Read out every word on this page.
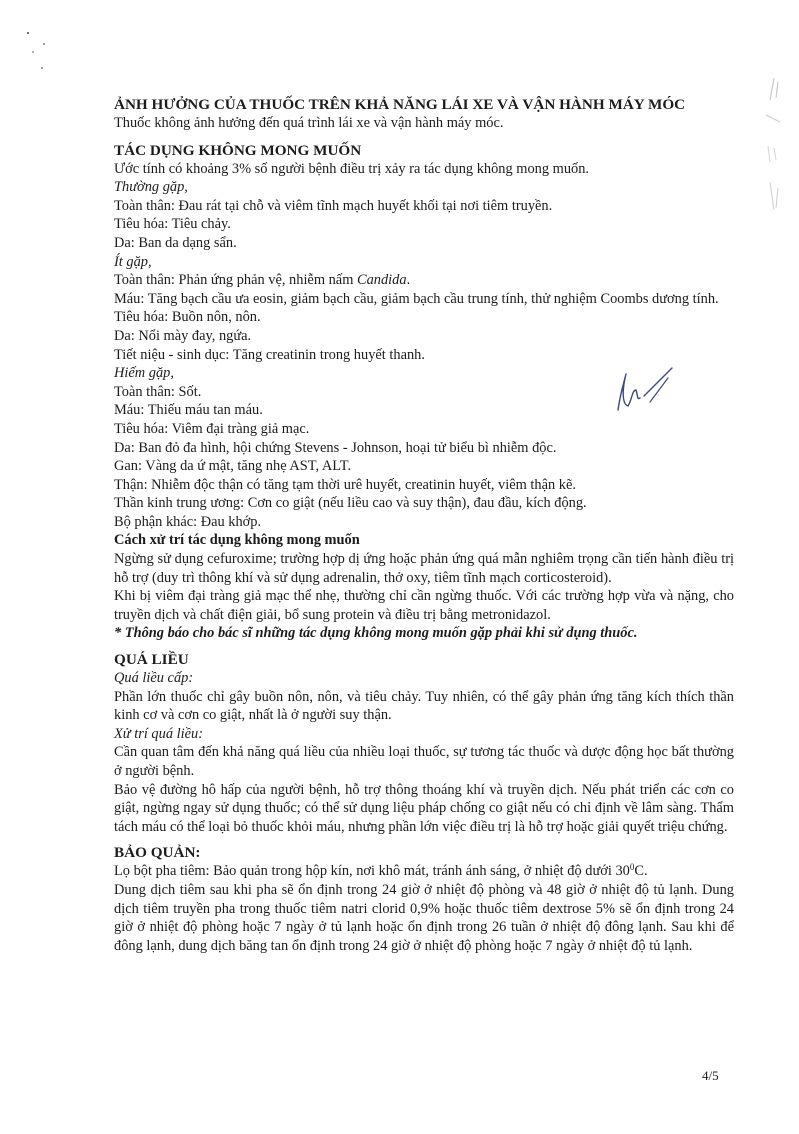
ẢNH HƯỞNG CỦA THUỐC TRÊN KHẢ NĂNG LÁI XE VÀ VẬN HÀNH MÁY MÓC

Thuốc không ảnh hưởng đến quá trình lái xe và vận hành máy móc.

TÁC DỤNG KHÔNG MONG MUỐN

Ước tính có khoảng 3% số người bệnh điều trị xảy ra tác dụng không mong muốn.

Thường gặp,

Toàn thân: Đau rát tại chỗ và viêm tĩnh mạch huyết khối tại nơi tiêm truyền.

Tiêu hóa: Tiêu chảy.

Da: Ban da dạng sẩn.

Ít gặp,

Toàn thân: Phản ứng phản vệ, nhiễm nấm Candida.

Máu: Tăng bạch cầu ưa eosin, giảm bạch cầu, giảm bạch cầu trung tính, thử nghiệm Coombs dương tính.

Tiêu hóa: Buồn nôn, nôn.

Da: Nổi mày đay, ngứa.

Tiết niệu - sinh dục: Tăng creatinin trong huyết thanh.

Hiếm gặp,

Toàn thân: Sốt.

Máu: Thiếu máu tan máu.

Tiêu hóa: Viêm đại tràng giả mạc.

Da: Ban đỏ đa hình, hội chứng Stevens - Johnson, hoại tử biểu bì nhiễm độc.

Gan: Vàng da ứ mật, tăng nhẹ AST, ALT.

Thận: Nhiễm độc thận có tăng tạm thời urê huyết, creatinin huyết, viêm thận kẽ.

Thần kinh trung ương: Cơn co giật (nếu liều cao và suy thận), đau đầu, kích động.

Bộ phận khác: Đau khớp.

Cách xử trí tác dụng không mong muốn

Ngừng sử dụng cefuroxime; trường hợp dị ứng hoặc phản ứng quá mẫn nghiêm trọng cần tiến hành điều trị hỗ trợ (duy trì thông khí và sử dụng adrenalin, thở oxy, tiêm tĩnh mạch corticosteroid).

Khi bị viêm đại tràng giả mạc thể nhẹ, thường chỉ cần ngừng thuốc. Với các trường hợp vừa và nặng, cho truyền dịch và chất điện giải, bổ sung protein và điều trị bằng metronidazol.

* Thông báo cho bác sĩ những tác dụng không mong muốn gặp phải khi sử dụng thuốc.

QUÁ LIỀU

Quá liều cấp:

Phần lớn thuốc chỉ gây buồn nôn, nôn, và tiêu chảy. Tuy nhiên, có thể gây phản ứng tăng kích thích thần kinh cơ và cơn co giật, nhất là ở người suy thận.

Xử trí quá liều:

Cần quan tâm đến khả năng quá liều của nhiều loại thuốc, sự tương tác thuốc và dược động học bất thường ở người bệnh.

Bảo vệ đường hô hấp của người bệnh, hỗ trợ thông thoáng khí và truyền dịch. Nếu phát triển các cơn co giật, ngừng ngay sử dụng thuốc; có thể sử dụng liệu pháp chống co giật nếu có chỉ định về lâm sàng. Thẩm tách máu có thể loại bỏ thuốc khỏi máu, nhưng phần lớn việc điều trị là hỗ trợ hoặc giải quyết triệu chứng.

BẢO QUẢN:

Lọ bột pha tiêm: Bảo quản trong hộp kín, nơi khô mát, tránh ánh sáng, ở nhiệt độ dưới $30^0C$.

Dung dịch tiêm sau khi pha sẽ ổn định trong 24 giờ ở nhiệt độ phòng và 48 giờ ở nhiệt độ tủ lạnh. Dung dịch tiêm truyền pha trong thuốc tiêm natri clorid 0,9% hoặc thuốc tiêm dextrose 5% sẽ ổn định trong 24 giờ ở nhiệt độ phòng hoặc 7 ngày ở tủ lạnh hoặc ổn định trong 26 tuần ở nhiệt độ đông lạnh. Sau khi để đông lạnh, dung dịch băng tan ổn định trong 24 giờ ở nhiệt độ phòng hoặc 7 ngày ở nhiệt độ tủ lạnh.

4/5
